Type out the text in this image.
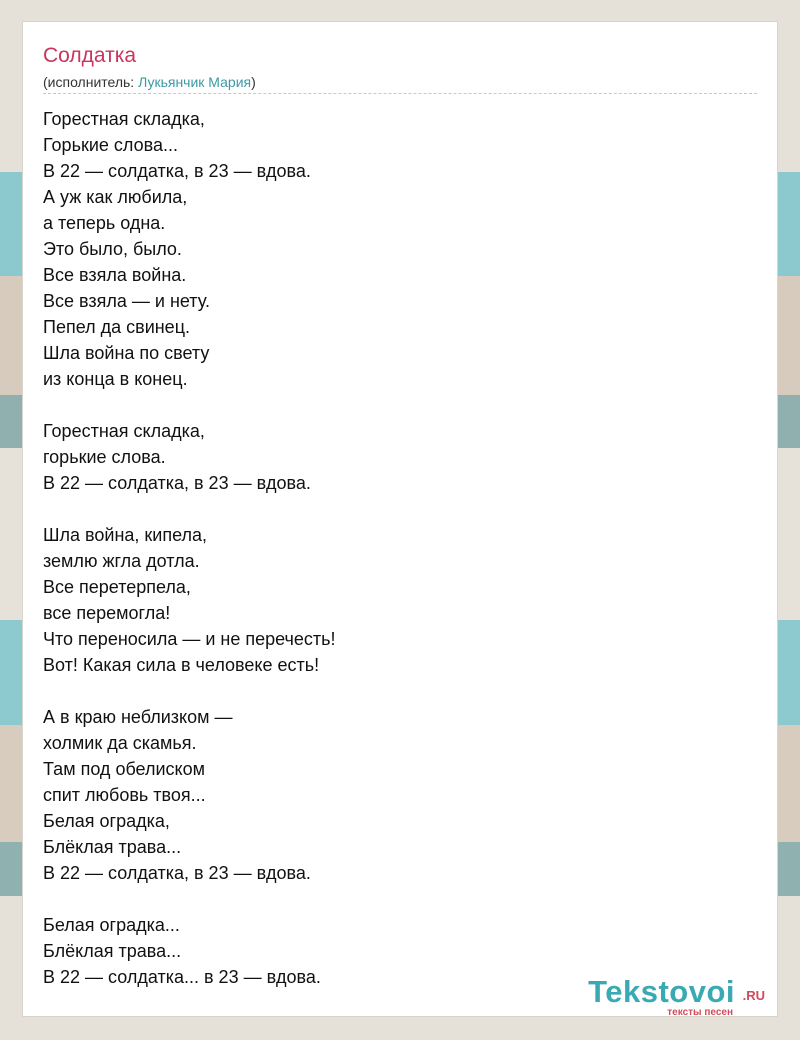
Солдатка
(исполнитель: Лукьянчик Мария)
Горестная складка,
Горькие слова...
В 22 — солдатка, в 23 — вдова.
А уж как любила,
а теперь одна.
Это было, было.
Все взяла война.
Все взяла — и нету.
Пепел да свинец.
Шла война по свету
из конца в конец.
Горестная складка,
горькие слова.
В 22 — солдатка, в 23 — вдова.
Шла война, кипела,
землю жгла дотла.
Все перетерпела,
все перемогла!
Что переносила — и не перечесть!
Вот! Какая сила в человеке есть!
А в краю неблизком —
холмик да скамья.
Там под обелиском
спит любовь твоя...
Белая оградка,
Блёклая трава...
В 22 — солдатка, в 23 — вдова.
Белая оградка...
Блёклая трава...
В 22 — солдатка... в 23 — вдова.	Tekstovoi .RU
тексты песен
